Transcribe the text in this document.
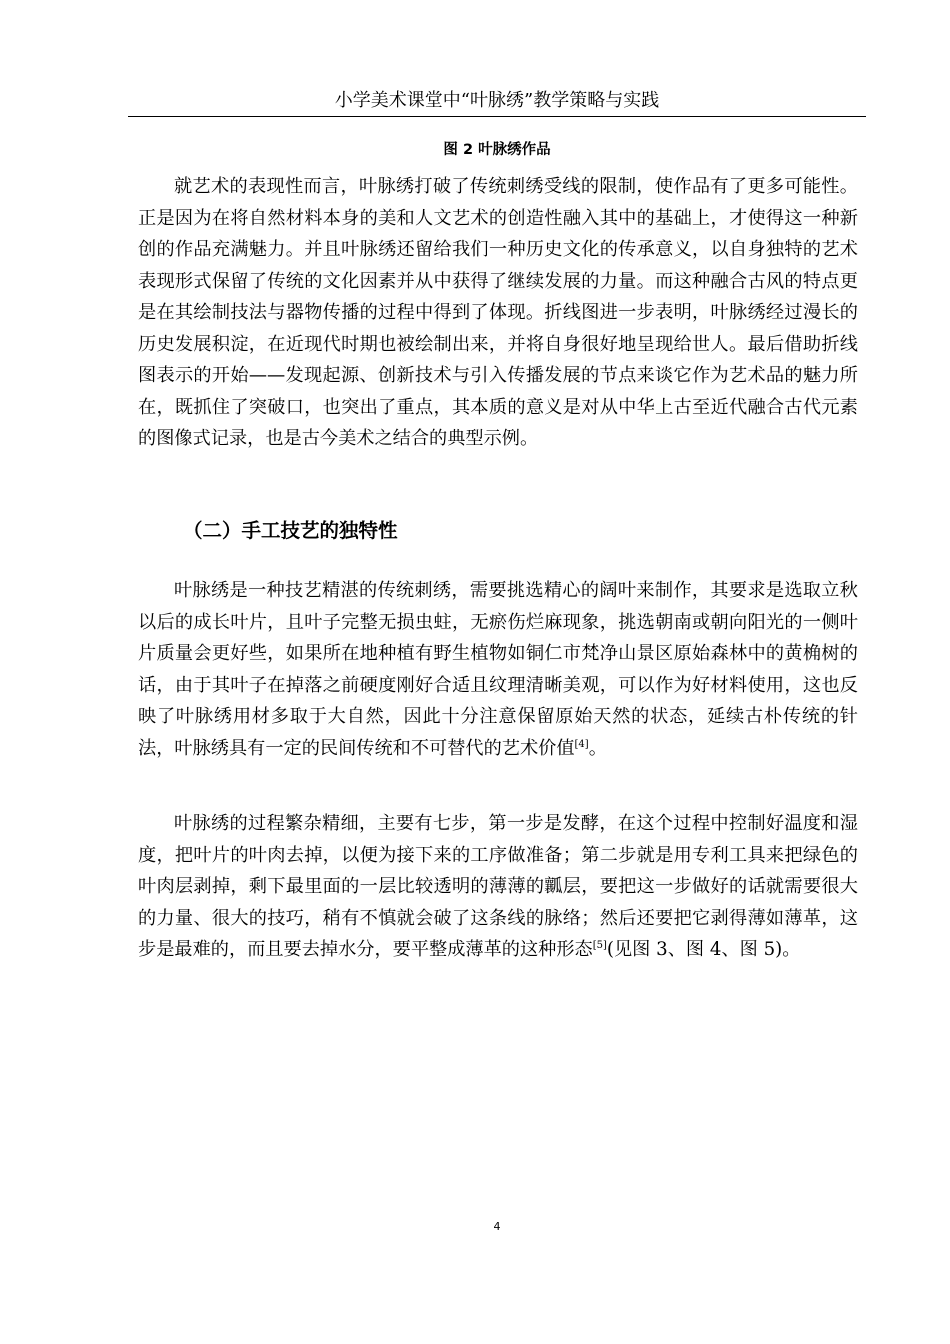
小学美术课堂中“叶脉绣”教学策略与实践
图 2 叶脉绣作品

就艺术的表现性而言，叶脉绣打破了传统刺绣受线的限制，使作品有了更多可能性。正是因为在将自然材料本身的美和人文艺术的创造性融入其中的基础上，才使得这一种新创的作品充满魅力。并且叶脉绣还留给我们一种历史文化的传承意义，以自身独特的艺术表现形式保留了传统的文化因素并从中获得了继续发展的力量。而这种融合古风的特点更是在其绘制技法与器物传播的过程中得到了体现。折线图进一步表明，叶脉绣经过漫长的历史发展积淀，在近现代时期也被绘制出来，并将自身很好地呈现给世人。最后借助折线图表示的开始——发现起源、创新技术与引入传播发展的节点来谈它作为艺术品的魅力所在，既抓住了突破口，也突出了重点，其本质的意义是对从中华上古至近代融合古代元素的图像式记录，也是古今美术之结合的典型示例。

（二）手工技艺的独特性

叶脉绣是一种技艺精湛的传统刺绣，需要挑选精心的阔叶来制作，其要求是选取立秋以后的成长叶片，且叶子完整无损虫蛀，无瘀伤烂麻现象，挑选朝南或朝向阳光的一侧叶片质量会更好些，如果所在地种植有野生植物如铜仁市梵净山景区原始森林中的黄桷树的话，由于其叶子在掉落之前硬度刚好合适且纹理清晰美观，可以作为好材料使用，这也反映了叶脉绣用材多取于大自然，因此十分注意保留原始天然的状态，延续古朴传统的针法，叶脉绣具有一定的民间传统和不可替代的艺术价值[4]。

叶脉绣的过程繁杂精细，主要有七步，第一步是发酵，在这个过程中控制好温度和湿度，把叶片的叶肉去掉，以便为接下来的工序做准备；第二步就是用专利工具来把绿色的叶肉层剥掉，剩下最里面的一层比较透明的薄薄的瓤层，要把这一步做好的话就需要很大的力量、很大的技巧，稍有不慎就会破了这条线的脉络；然后还要把它剥得薄如薄革，这步是最难的，而且要去掉水分，要平整成薄革的这种形态[5](见图 3、图 4、图 5)。

4
